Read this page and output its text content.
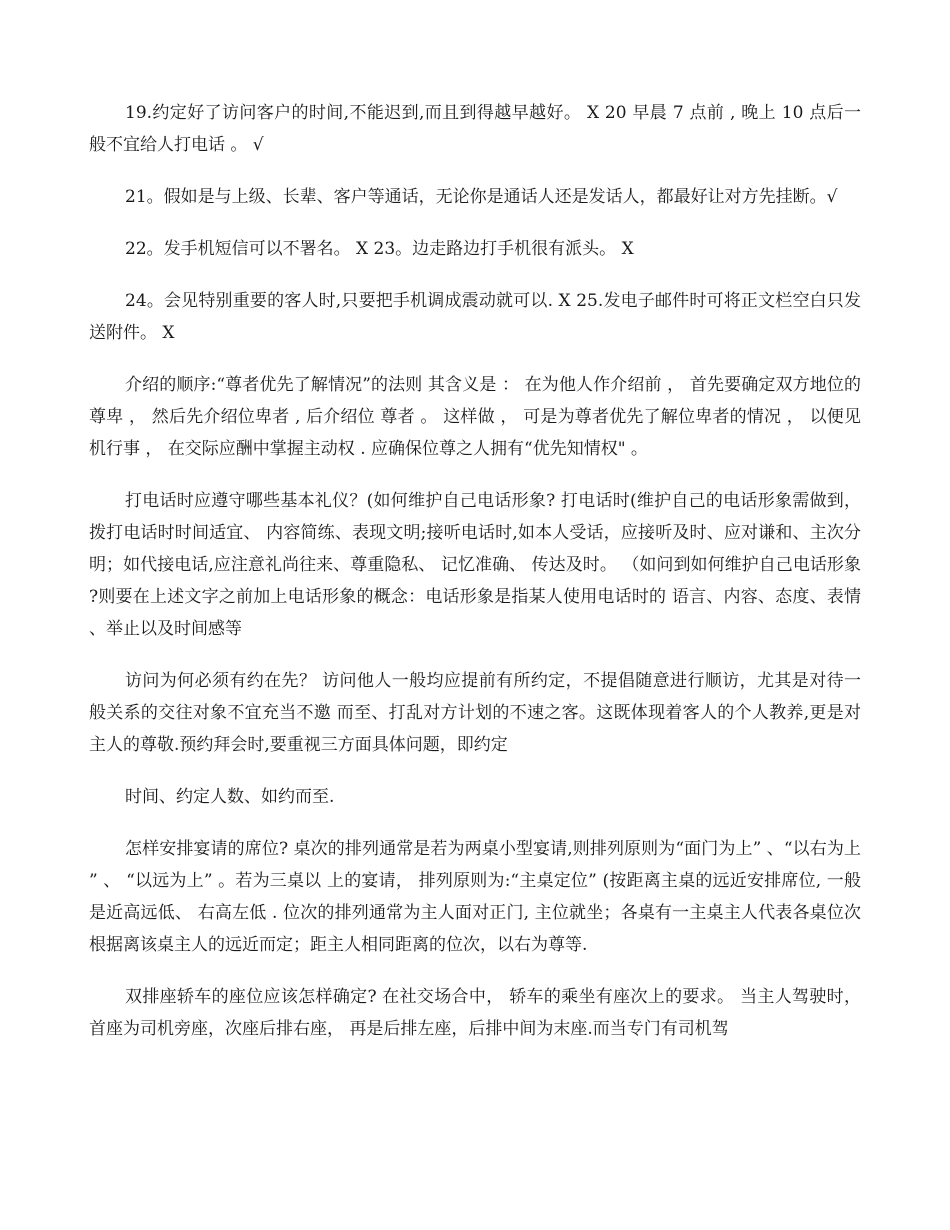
19.约定好了访问客户的时间,不能迟到,而且到得越早越好。 X 20 早晨 7 点前 , 晚上 10 点后一般不宜给人打电话 。 √

21。假如是与上级、长辈、客户等通话，无论你是通话人还是发话人，都最好让对方先挂断。√

22。发手机短信可以不署名。 X 23。边走路边打手机很有派头。 X

24。会见特别重要的客人时,只要把手机调成震动就可以. X 25.发电子邮件时可将正文栏空白只发送附件。 X

介绍的顺序:“尊者优先了解情况”的法则 其含义是 ： 在为他人作介绍前 ， 首先要确定双方地位的尊卑 ， 然后先介绍位卑者 , 后介绍位 尊者 。 这样做 ， 可是为尊者优先了解位卑者的情况 ， 以便见机行事 ， 在交际应酬中掌握主动权 . 应确保位尊之人拥有“优先知情权" 。

打电话时应遵守哪些基本礼仪？(如何维护自己电话形象? 打电话时(维护自己的电话形象需做到，拨打电话时时间适宜、 内容简练、表现文明;接听电话时,如本人受话，应接听及时、应对谦和、主次分明；如代接电话,应注意礼尚往来、尊重隐私、 记忆准确、 传达及时。 （如问到如何维护自己电话形象?则要在上述文字之前加上电话形象的概念：电话形象是指某人使用电话时的 语言、内容、态度、表情、举止以及时间感等

访问为何必须有约在先？ 访问他人一般均应提前有所约定，不提倡随意进行顺访，尤其是对待一般关系的交往对象不宜充当不邀 而至、打乱对方计划的不速之客。这既体现着客人的个人教养,更是对主人的尊敬.预约拜会时,要重视三方面具体问题，即约定

时间、约定人数、如约而至.

怎样安排宴请的席位? 桌次的排列通常是若为两桌小型宴请,则排列原则为“面门为上” 、“以右为上” 、 “以远为上” 。若为三桌以 上的宴请， 排列原则为:“主桌定位” (按距离主桌的远近安排席位, 一般是近高远低、 右高左低 . 位次的排列通常为主人面对正门, 主位就坐；各桌有一主桌主人代表各桌位次根据离该桌主人的远近而定；距主人相同距离的位次，以右为尊等.

双排座轿车的座位应该怎样确定? 在社交场合中， 轿车的乘坐有座次上的要求。 当主人驾驶时， 首座为司机旁座，次座后排右座， 再是后排左座，后排中间为末座.而当专门有司机驾
